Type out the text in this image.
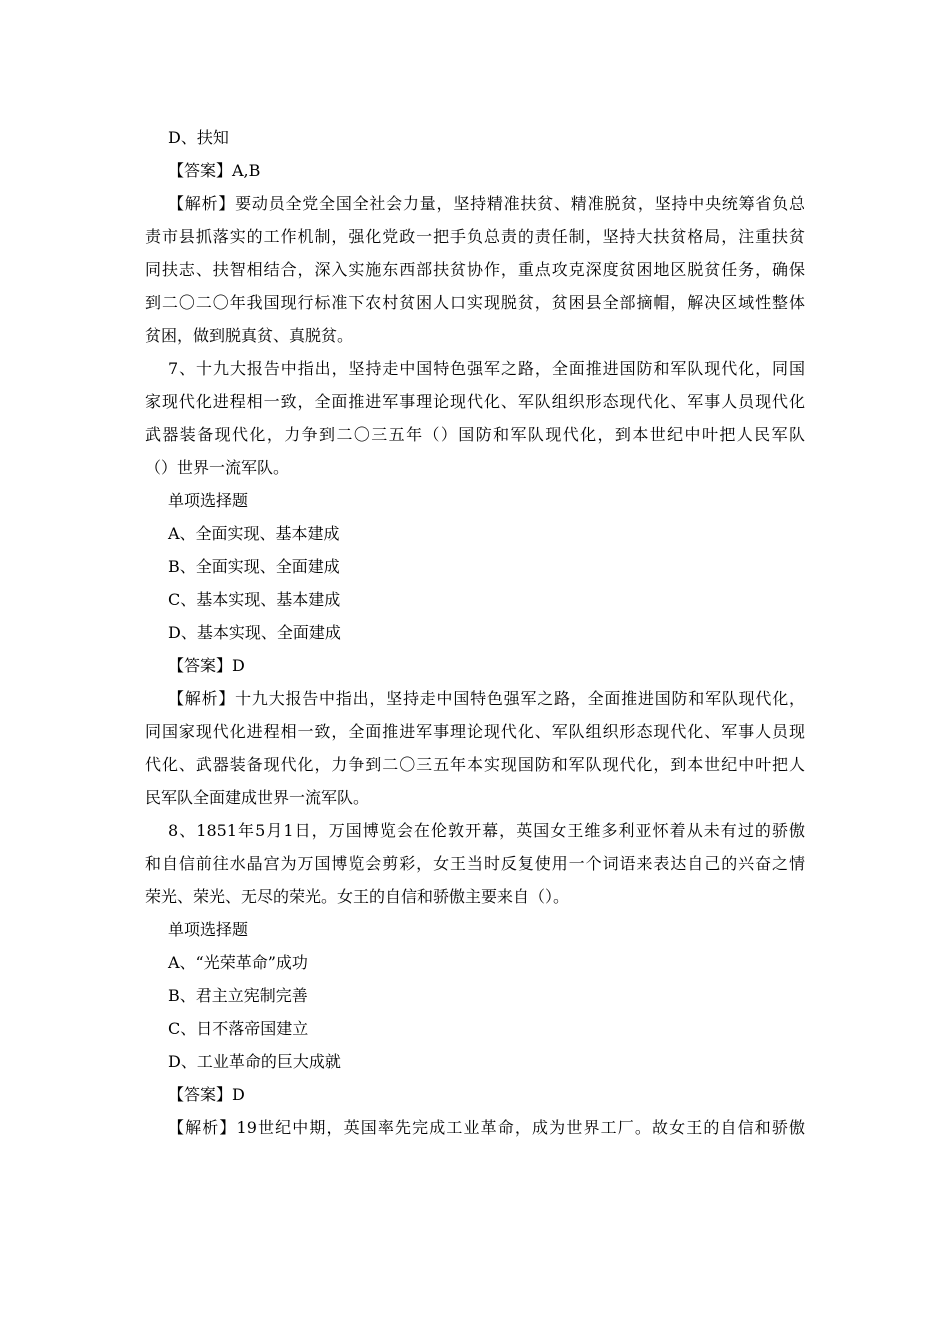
D、扶知
【答案】A,B
【解析】要动员全党全国全社会力量，坚持精准扶贫、精准脱贫，坚持中央统筹省负总
责市县抓落实的工作机制，强化党政一把手负总责的责任制，坚持大扶贫格局，注重扶贫
同扶志、扶智相结合，深入实施东西部扶贫协作，重点攻克深度贫困地区脱贫任务，确保
到二〇二〇年我国现行标准下农村贫困人口实现脱贫，贫困县全部摘帽，解决区域性整体
贫困，做到脱真贫、真脱贫。
7、十九大报告中指出，坚持走中国特色强军之路，全面推进国防和军队现代化，同国
家现代化进程相一致，全面推进军事理论现代化、军队组织形态现代化、军事人员现代化
武器装备现代化，力争到二〇三五年（）国防和军队现代化，到本世纪中叶把人民军队
（）世界一流军队。
单项选择题
A、全面实现、基本建成
B、全面实现、全面建成
C、基本实现、基本建成
D、基本实现、全面建成
【答案】D
【解析】十九大报告中指出，坚持走中国特色强军之路，全面推进国防和军队现代化，
同国家现代化进程相一致，全面推进军事理论现代化、军队组织形态现代化、军事人员现
代化、武器装备现代化，力争到二〇三五年本实现国防和军队现代化，到本世纪中叶把人
民军队全面建成世界一流军队。
8、1851年5月1日，万国博览会在伦敦开幕，英国女王维多利亚怀着从未有过的骄傲
和自信前往水晶宫为万国博览会剪彩，女王当时反复使用一个词语来表达自己的兴奋之情
荣光、荣光、无尽的荣光。女王的自信和骄傲主要来自（）。
单项选择题
A、“光荣革命”成功
B、君主立宪制完善
C、日不落帝国建立
D、工业革命的巨大成就
【答案】D
【解析】19世纪中期，英国率先完成工业革命，成为世界工厂。故女王的自信和骄傲
